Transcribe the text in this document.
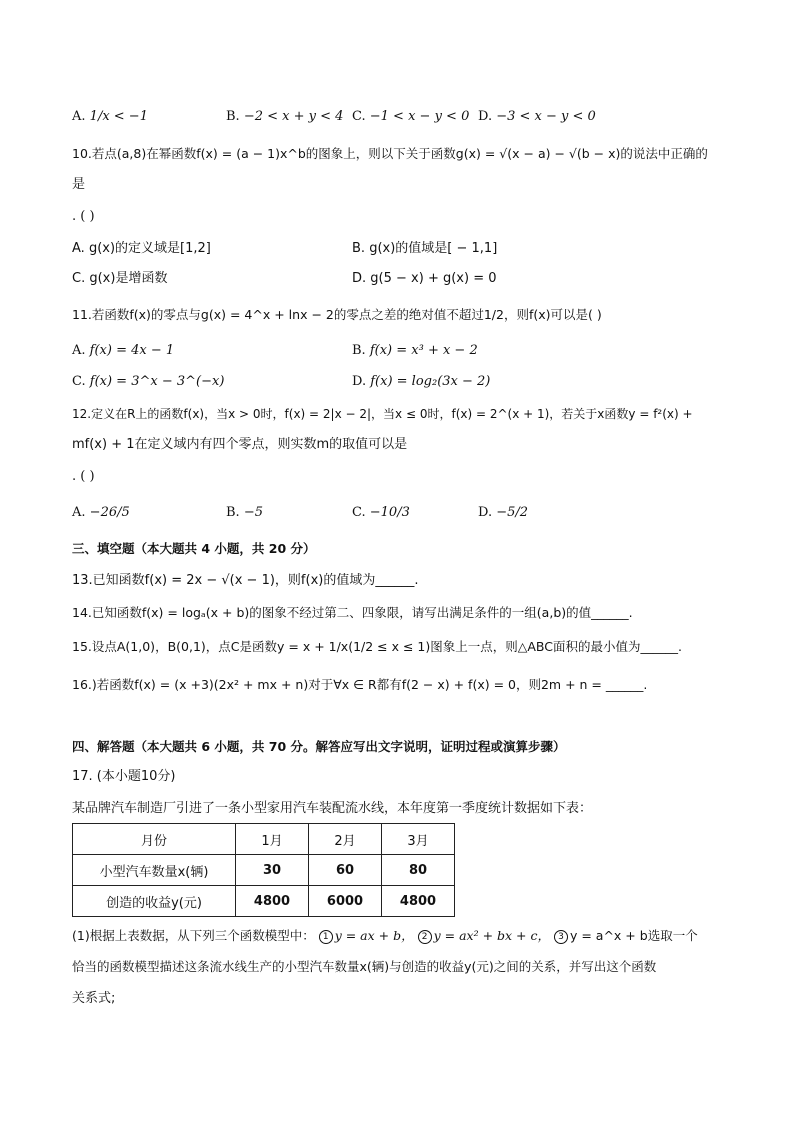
A. 1/x < −1	B. −2 < x + y < 4 C. −1 < x − y < 0 D. −3 < x − y < 0
10.若点(a,8)在幂函数f(x) = (a − 1)x^b的图象上，则以下关于函数g(x) = √(x − a) − √(b − x)的说法中正确的
是
. ( )
A. g(x)的定义域是[1,2]	B. g(x)的值域是[ − 1,1]
C. g(x)是增函数	D. g(5 − x) + g(x) = 0
11.若函数f(x)的零点与g(x) = 4^x + lnx − 2的零点之差的绝对值不超过1/2，则f(x)可以是( )
A. f(x) = 4x − 1	B. f(x) = x³ + x − 2
C. f(x) = 3^x − 3^(−x)	D. f(x) = log₂(3x − 2)
12.定义在R上的函数f(x)，当x > 0时，f(x) = 2|x − 2|，当x ≤ 0时，f(x) = 2^(x + 1)，若关于x函数y = f²(x) +
mf(x) + 1在定义域内有四个零点，则实数m的取值可以是
. ( )
A. −26/5	B. −5	C. −10/3	D. −5/2
三、填空题（本大题共 4 小题，共 20 分）
13.已知函数f(x) = 2x − √(x − 1)，则f(x)的值域为______.
14.已知函数f(x) = logₐ(x + b)的图象不经过第二、四象限，请写出满足条件的一组(a,b)的值______.
15.设点A(1,0)，B(0,1)，点C是函数y = x + 1/x(1/2 ≤ x ≤ 1)图象上一点，则△ABC面积的最小值为______.
16.)若函数f(x) = (x +3)(2x² + mx + n)对于∀x ∈ R都有f(2 − x) + f(x) = 0，则2m + n = ______.
四、解答题（本大题共 6 小题，共 70 分。解答应写出文字说明，证明过程或演算步骤）
17. (本小题10分)
某品牌汽车制造厂引进了一条小型家用汽车装配流水线，本年度第一季度统计数据如下表：
月份	1月	2月	3月
小型汽车数量x(辆)	30	60	80
创造的收益y(元)	4800	6000	4800
(1)根据上表数据，从下列三个函数模型中： 1 y = ax + b， 2 y = ax² + bx + c， 3 y = a^x + b选取一个
恰当的函数模型描述这条流水线生产的小型汽车数量x(辆)与创造的收益y(元)之间的关系，并写出这个函数
关系式;
